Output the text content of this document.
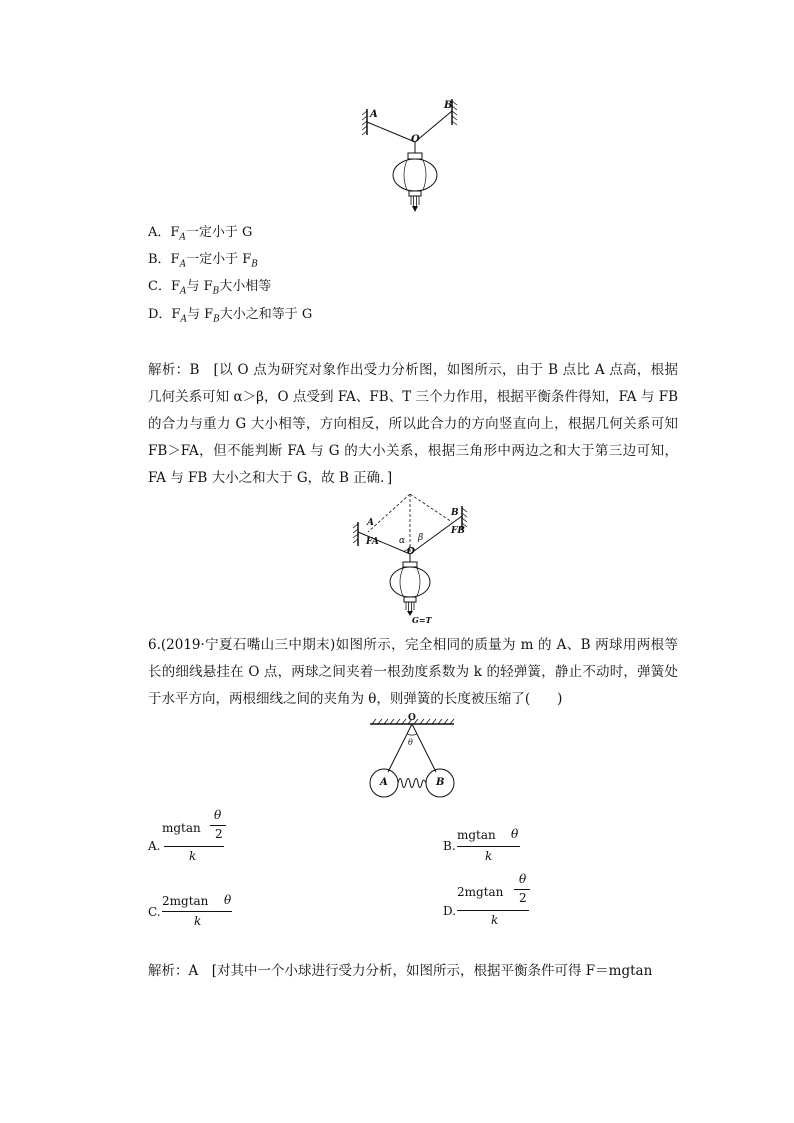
A
B
O
A．$F_A$一定小于 G
B．$F_A$一定小于 $F_B$
C．$F_A$与 $F_B$大小相等
D．$F_A$与 $F_B$大小之和等于 G

解析：B　[以 O 点为研究对象作出受力分析图，如图所示，由于 B 点比 A 点高，根据几何关系可知 α＞β，O 点受到 FA、FB、T 三个力作用，根据平衡条件得知，FA 与 FB 的合力与重力 G 大小相等，方向相反，所以此合力的方向竖直向上，根据几何关系可知 FB＞FA，但不能判断 FA 与 G 的大小关系，根据三角形中两边之和大于第三边可知，FA 与 FB 大小之和大于 G，故 B 正确．]

A
FA
B
FB
α β
O
G=T

6.(2019·宁夏石嘴山三中期末)如图所示，完全相同的质量为 m 的 A、B 两球用两根等长的细线悬挂在 O 点，两球之间夹着一根劲度系数为 k 的轻弹簧，静止不动时，弹簧处于水平方向，两根细线之间的夹角为 θ，则弹簧的长度被压缩了(　　)

O
θ
A	B
θ
mgtan 2
A.
k
mgtan θ
B.
k
2mgtan θ
C.
k
θ
2mgtan 2
D.
k

解析：A　[对其中一个小球进行受力分析，如图所示，根据平衡条件可得 F＝mgtan
